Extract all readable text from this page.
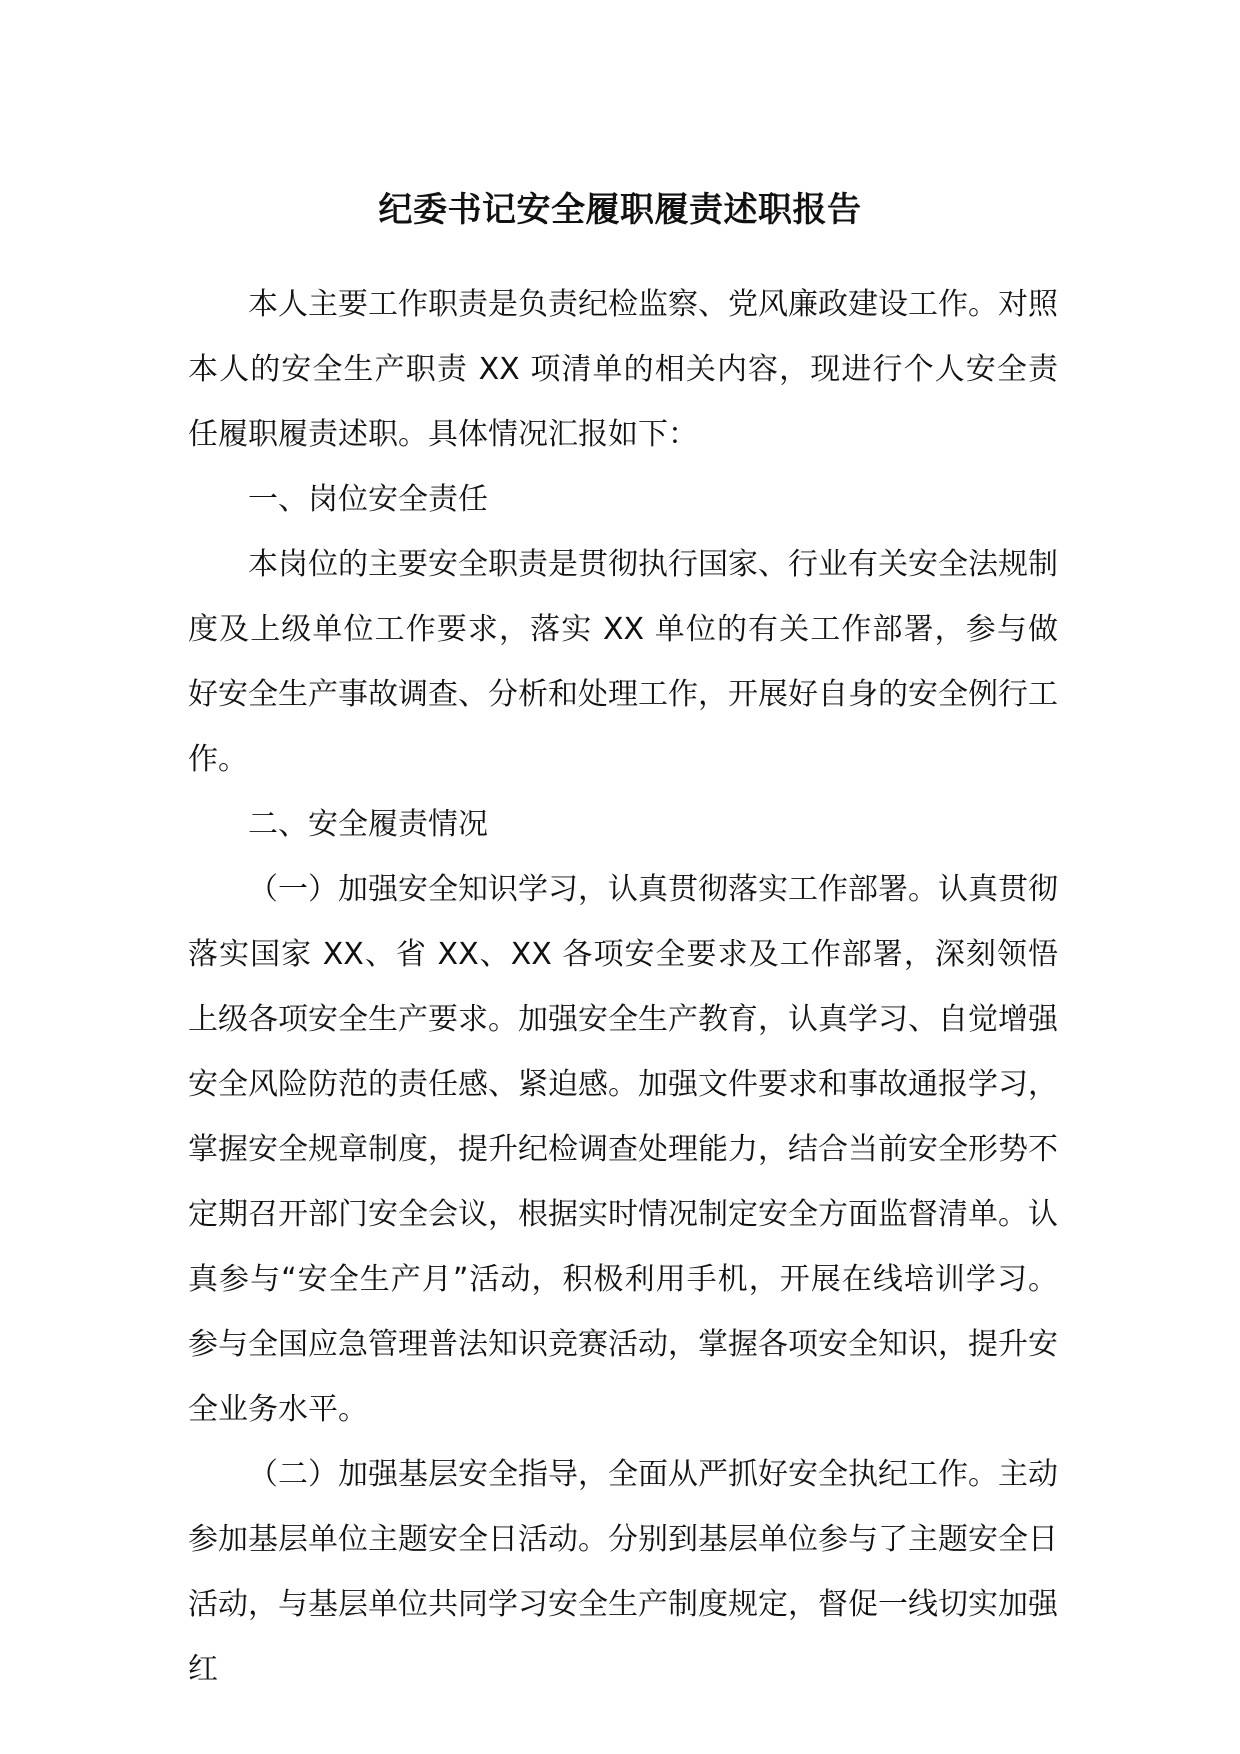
纪委书记安全履职履责述职报告

本人主要工作职责是负责纪检监察、党风廉政建设工作。对照本人的安全生产职责 XX 项清单的相关内容，现进行个人安全责任履职履责述职。具体情况汇报如下：

一、岗位安全责任

本岗位的主要安全职责是贯彻执行国家、行业有关安全法规制度及上级单位工作要求，落实 XX 单位的有关工作部署，参与做好安全生产事故调查、分析和处理工作，开展好自身的安全例行工作。

二、安全履责情况

（一）加强安全知识学习，认真贯彻落实工作部署。认真贯彻落实国家 XX、省 XX、XX 各项安全要求及工作部署，深刻领悟上级各项安全生产要求。加强安全生产教育，认真学习、自觉增强安全风险防范的责任感、紧迫感。加强文件要求和事故通报学习，掌握安全规章制度，提升纪检调查处理能力，结合当前安全形势不定期召开部门安全会议，根据实时情况制定安全方面监督清单。认真参与“安全生产月”活动，积极利用手机，开展在线培训学习。参与全国应急管理普法知识竞赛活动，掌握各项安全知识，提升安全业务水平。

（二）加强基层安全指导，全面从严抓好安全执纪工作。主动参加基层单位主题安全日活动。分别到基层单位参与了主题安全日活动，与基层单位共同学习安全生产制度规定，督促一线切实加强红
